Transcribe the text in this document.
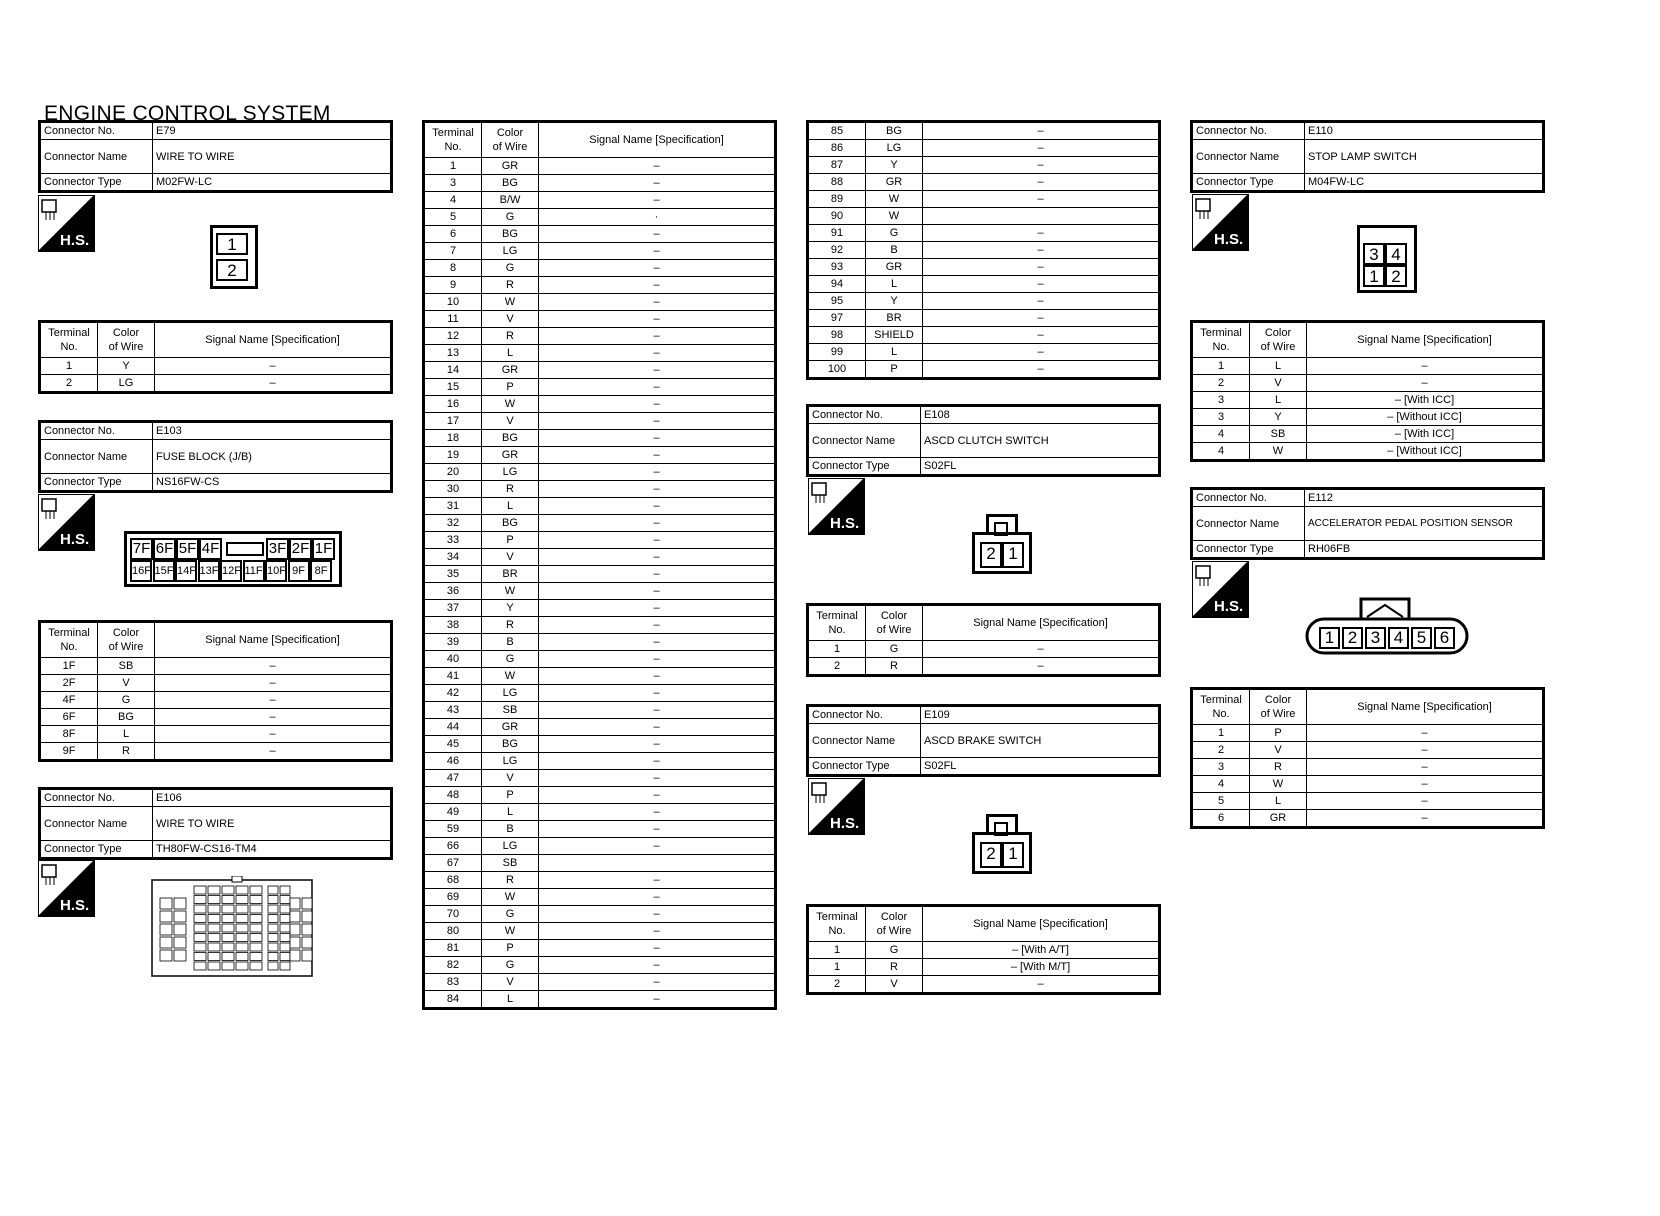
ENGINE CONTROL SYSTEM
Connector No.	E79
Connector Name	WIRE TO WIRE
Connector Type	M02FW-LC
H.S.	1
2
Terminal
No.	Color
of Wire	Signal Name [Specification]
1	Y	–
2	LG	–
Connector No.	E103
Connector Name	FUSE BLOCK (J/B)
Connector Type	NS16FW-CS
H.S.
7F 6F 5F 4F	3F 2F 1F
16F 15F 14F 13F 12F 11F 10F 9F 8F
Terminal
No.	Color
of Wire	Signal Name [Specification]
1F	SB	–
2F	V	–
4F	G	–
6F	BG	–
8F	L	–
9F	R	–
Connector No.	E106
Connector Name	WIRE TO WIRE
Connector Type	TH80FW-CS16-TM4
H.S.
Terminal
No.	Color
of Wire	Signal Name [Specification]
1	GR	–
3	BG	–
4	B/W	–
5	G	·
6	BG	–
7	LG	–
8	G	–
9	R	–
10	W	–
11	V	–
12	R	–
13	L	–
14	GR	–
15	P	–
16	W	–
17	V	–
18	BG	–
19	GR	–
20	LG	–
30	R	–
31	L	–
32	BG	–
33	P	–
34	V	–
35	BR	–
36	W	–
37	Y	–
38	R	–
39	B	–
40	G	–
41	W	–
42	LG	–
43	SB	–
44	GR	–
45	BG	–
46	LG	–
47	V	–
48	P	–
49	L	–
59	B	–
66	LG	–
67	SB	
68	R	–
69	W	–
70	G	–
80	W	–
81	P	–
82	G	–
83	V	–
84	L	–
85	BG	–
86	LG	–
87	Y	–
88	GR	–
89	W	–
90	W	
91	G	–
92	B	–
93	GR	–
94	L	–
95	Y	–
97	BR	–
98	SHIELD	–
99	L	–
100	P	–
Connector No.	E108
Connector Name	ASCD CLUTCH SWITCH
Connector Type	S02FL
H.S.
2 1
Terminal
No.	Color
of Wire	Signal Name [Specification]
1	G	–
2	R	–
Connector No.	E109
Connector Name	ASCD BRAKE SWITCH
Connector Type	S02FL
H.S.
2 1
Terminal
No.	Color
of Wire	Signal Name [Specification]
1	G	– [With A/T]
1	R	– [With M/T]
2	V	–
Connector No.	E110
Connector Name	STOP LAMP SWITCH
Connector Type	M04FW-LC
H.S.
3 4
1 2
Terminal
No.	Color
of Wire	Signal Name [Specification]
1	L	–
2	V	–
3	L	– [With ICC]
3	Y	– [Without ICC]
4	SB	– [With ICC]
4	W	– [Without ICC]
Connector No.	E112
Connector Name	ACCELERATOR PEDAL POSITION SENSOR
Connector Type	RH06FB
H.S.
1 2 3 4 5 6
Terminal
No.	Color
of Wire	Signal Name [Specification]
1	P	–
2	V	–
3	R	–
4	W	–
5	L	–
6	GR	–
